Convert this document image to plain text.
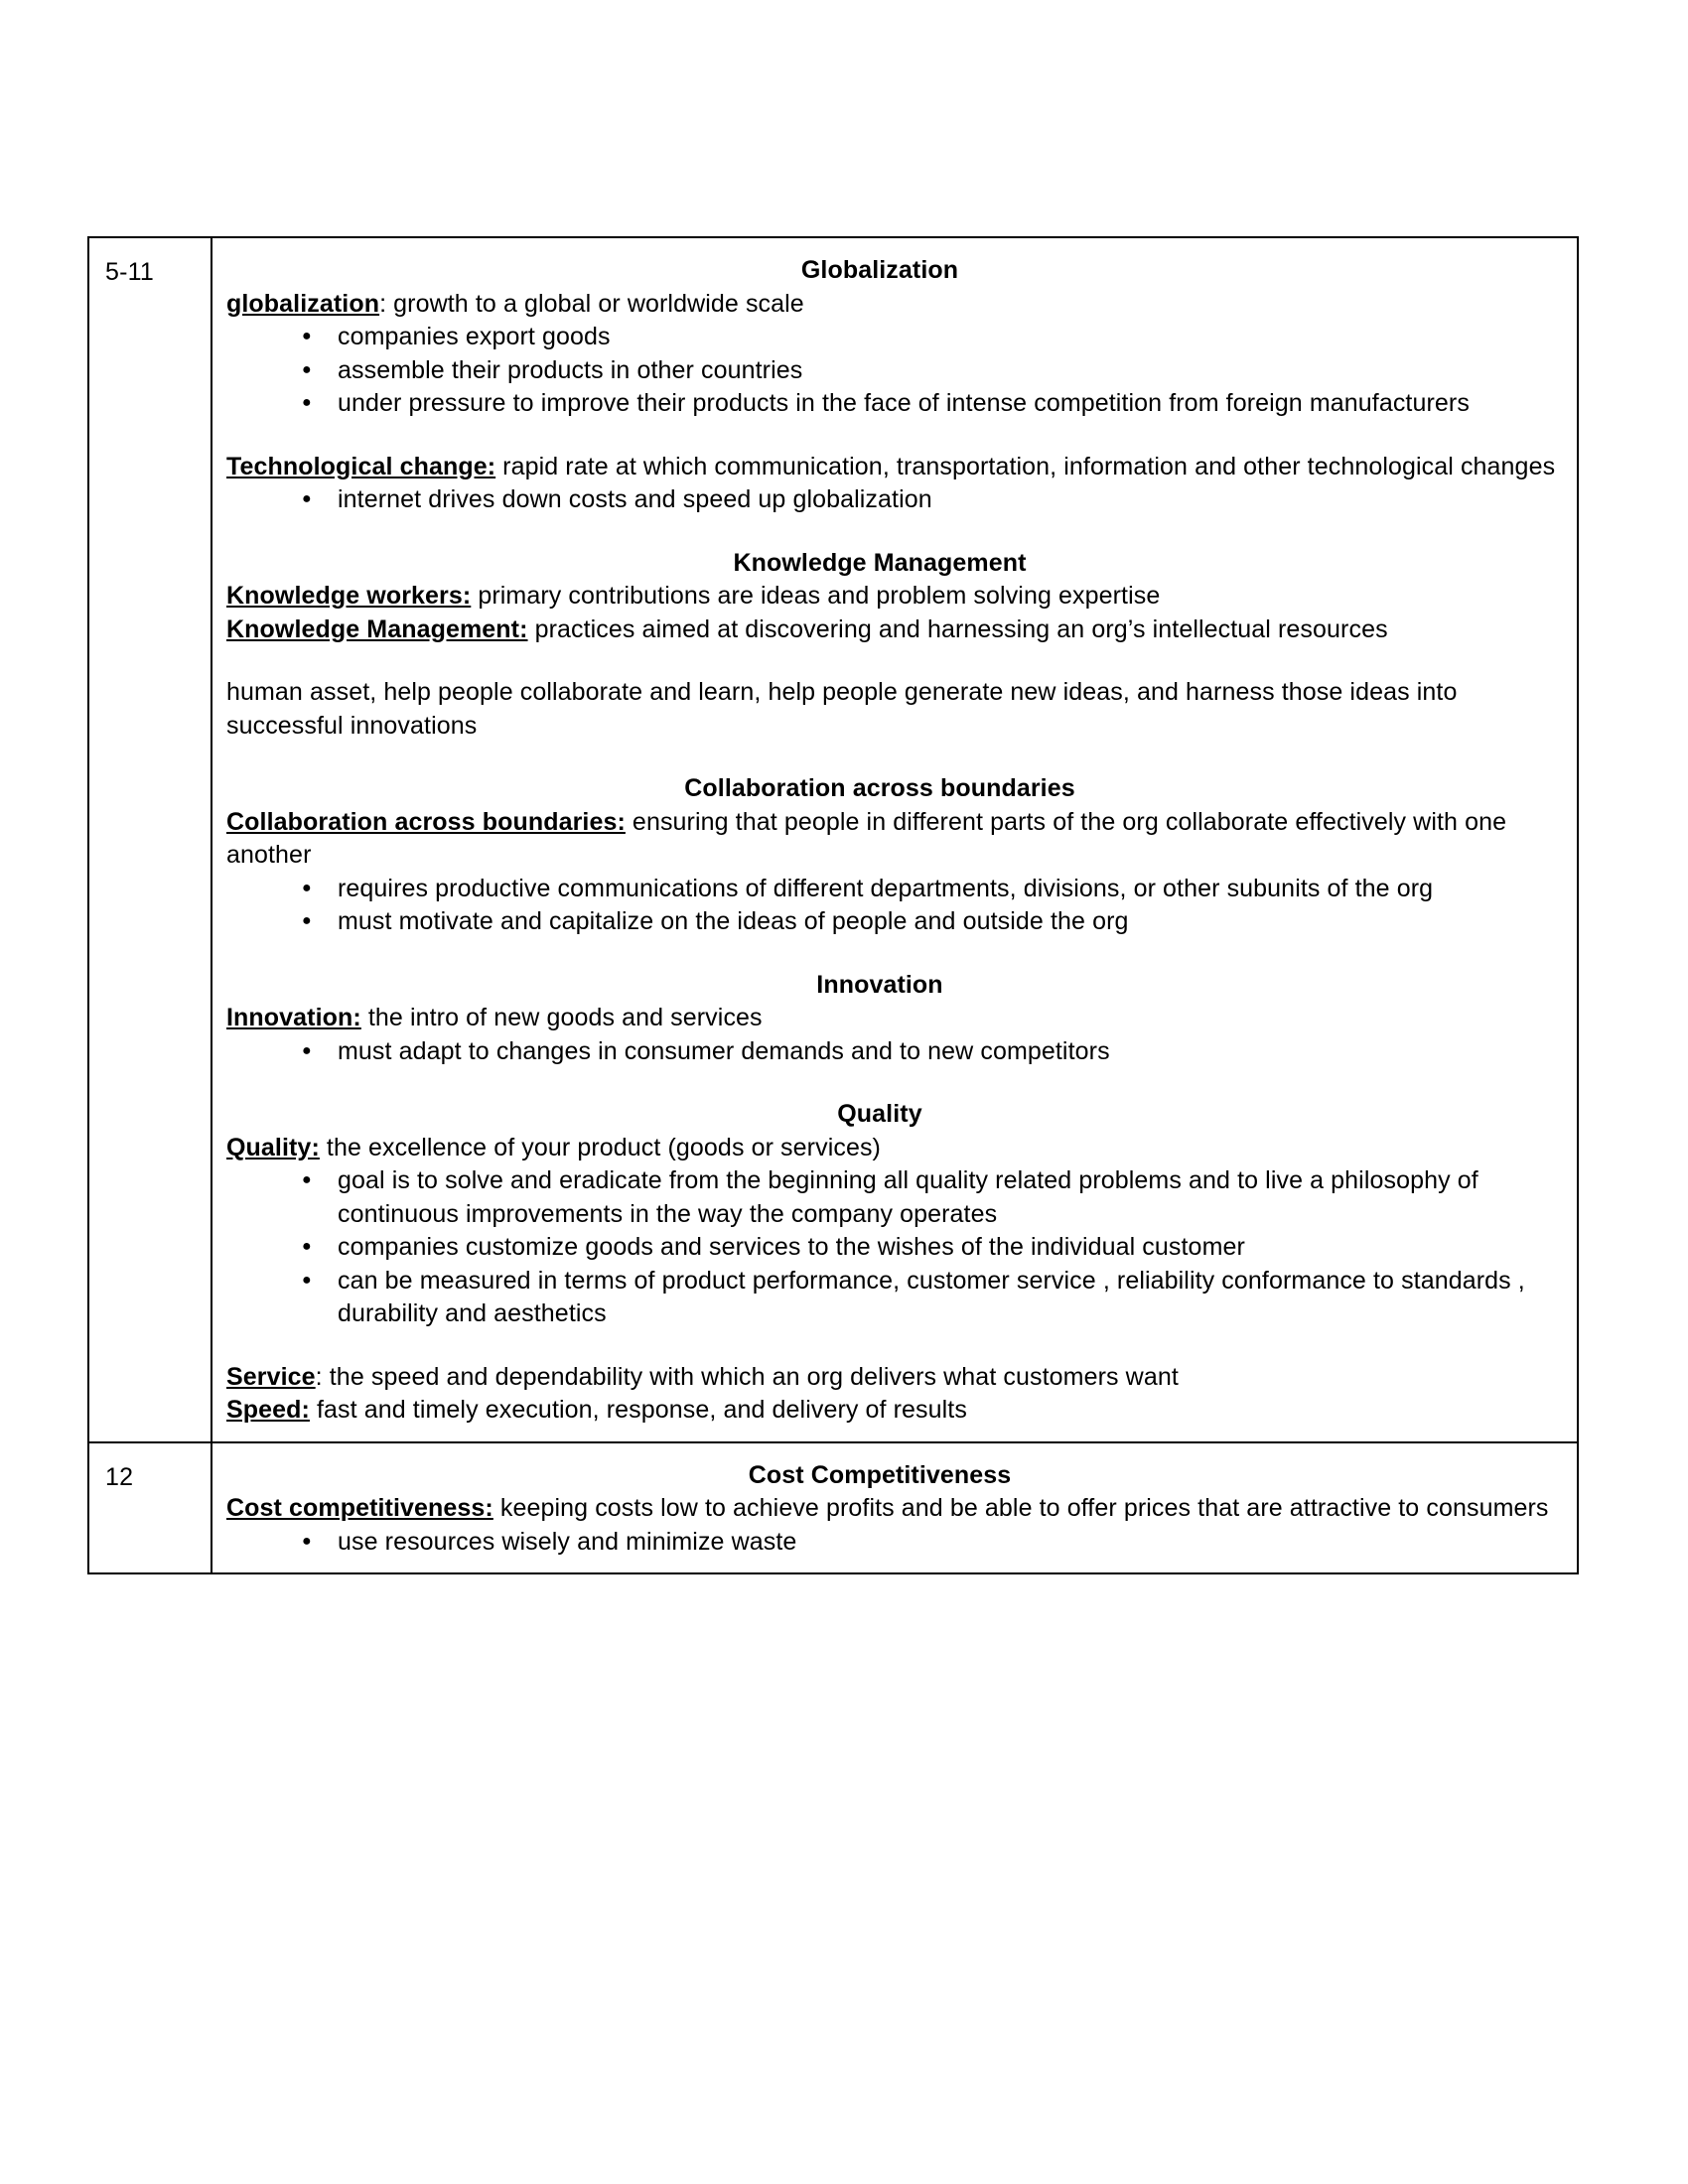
5-11	Globalization

globalization: growth to a global or worldwide scale

● companies export goods
● assemble their products in other countries
● under pressure to improve their products in the face of intense competition from foreign manufacturers

Technological change: rapid rate at which communication, transportation, information and other technological changes

● internet drives down costs and speed up globalization
Knowledge Management

Knowledge workers: primary contributions are ideas and problem solving expertise

Knowledge Management: practices aimed at discovering and harnessing an org’s intellectual resources

human asset, help people collaborate and learn, help people generate new ideas, and harness those ideas into successful innovations

Collaboration across boundaries

Collaboration across boundaries: ensuring that people in different parts of the org collaborate effectively with one another

● requires productive communications of different departments, divisions, or other subunits of the org
● must motivate and capitalize on the ideas of people and outside the org
Innovation

Innovation: the intro of new goods and services

● must adapt to changes in consumer demands and to new competitors
Quality

Quality: the excellence of your product (goods or services)

● goal is to solve and eradicate from the beginning all quality related problems and to live a philosophy of continuous improvements in the way the company operates
● companies customize goods and services to the wishes of the individual customer
● can be measured in terms of product performance, customer service , reliability conformance to standards , durability and aesthetics

Service: the speed and dependability with which an org delivers what customers want

Speed: fast and timely execution, response, and delivery of results

12	Cost Competitiveness

Cost competitiveness: keeping costs low to achieve profits and be able to offer prices that are attractive to consumers

● use resources wisely and minimize waste
